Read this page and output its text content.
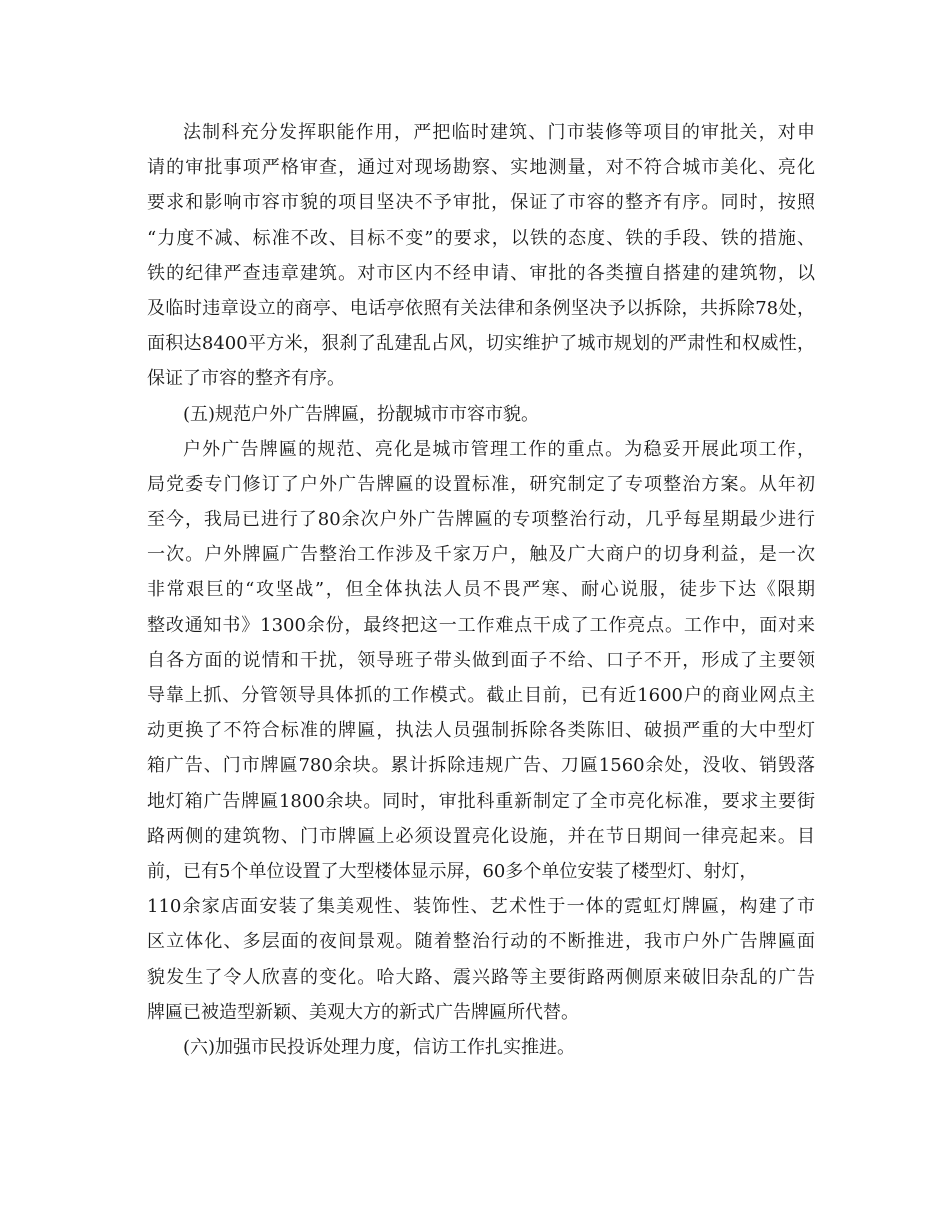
法制科充分发挥职能作用，严把临时建筑、门市装修等项目的审批关，对申
请的审批事项严格审查，通过对现场勘察、实地测量，对不符合城市美化、亮化
要求和影响市容市貌的项目坚决不予审批，保证了市容的整齐有序。同时，按照
“力度不减、标准不改、目标不变”的要求，以铁的态度、铁的手段、铁的措施、
铁的纪律严查违章建筑。对市区内不经申请、审批的各类擅自搭建的建筑物，以
及临时违章设立的商亭、电话亭依照有关法律和条例坚决予以拆除，共拆除78处，
面积达8400平方米，狠刹了乱建乱占风，切实维护了城市规划的严肃性和权威性，
保证了市容的整齐有序。
(五)规范户外广告牌匾，扮靓城市市容市貌。
户外广告牌匾的规范、亮化是城市管理工作的重点。为稳妥开展此项工作，
局党委专门修订了户外广告牌匾的设置标准，研究制定了专项整治方案。从年初
至今，我局已进行了80余次户外广告牌匾的专项整治行动，几乎每星期最少进行
一次。户外牌匾广告整治工作涉及千家万户，触及广大商户的切身利益，是一次
非常艰巨的“攻坚战”，但全体执法人员不畏严寒、耐心说服，徒步下达《限期
整改通知书》1300余份，最终把这一工作难点干成了工作亮点。工作中，面对来
自各方面的说情和干扰，领导班子带头做到面子不给、口子不开，形成了主要领
导靠上抓、分管领导具体抓的工作模式。截止目前，已有近1600户的商业网点主
动更换了不符合标准的牌匾，执法人员强制拆除各类陈旧、破损严重的大中型灯
箱广告、门市牌匾780余块。累计拆除违规广告、刀匾1560余处，没收、销毁落
地灯箱广告牌匾1800余块。同时，审批科重新制定了全市亮化标准，要求主要街
路两侧的建筑物、门市牌匾上必须设置亮化设施，并在节日期间一律亮起来。目
前，已有5个单位设置了大型楼体显示屏，60多个单位安装了楼型灯、射灯，
110余家店面安装了集美观性、装饰性、艺术性于一体的霓虹灯牌匾，构建了市
区立体化、多层面的夜间景观。随着整治行动的不断推进，我市户外广告牌匾面
貌发生了令人欣喜的变化。哈大路、震兴路等主要街路两侧原来破旧杂乱的广告
牌匾已被造型新颖、美观大方的新式广告牌匾所代替。
(六)加强市民投诉处理力度，信访工作扎实推进。
